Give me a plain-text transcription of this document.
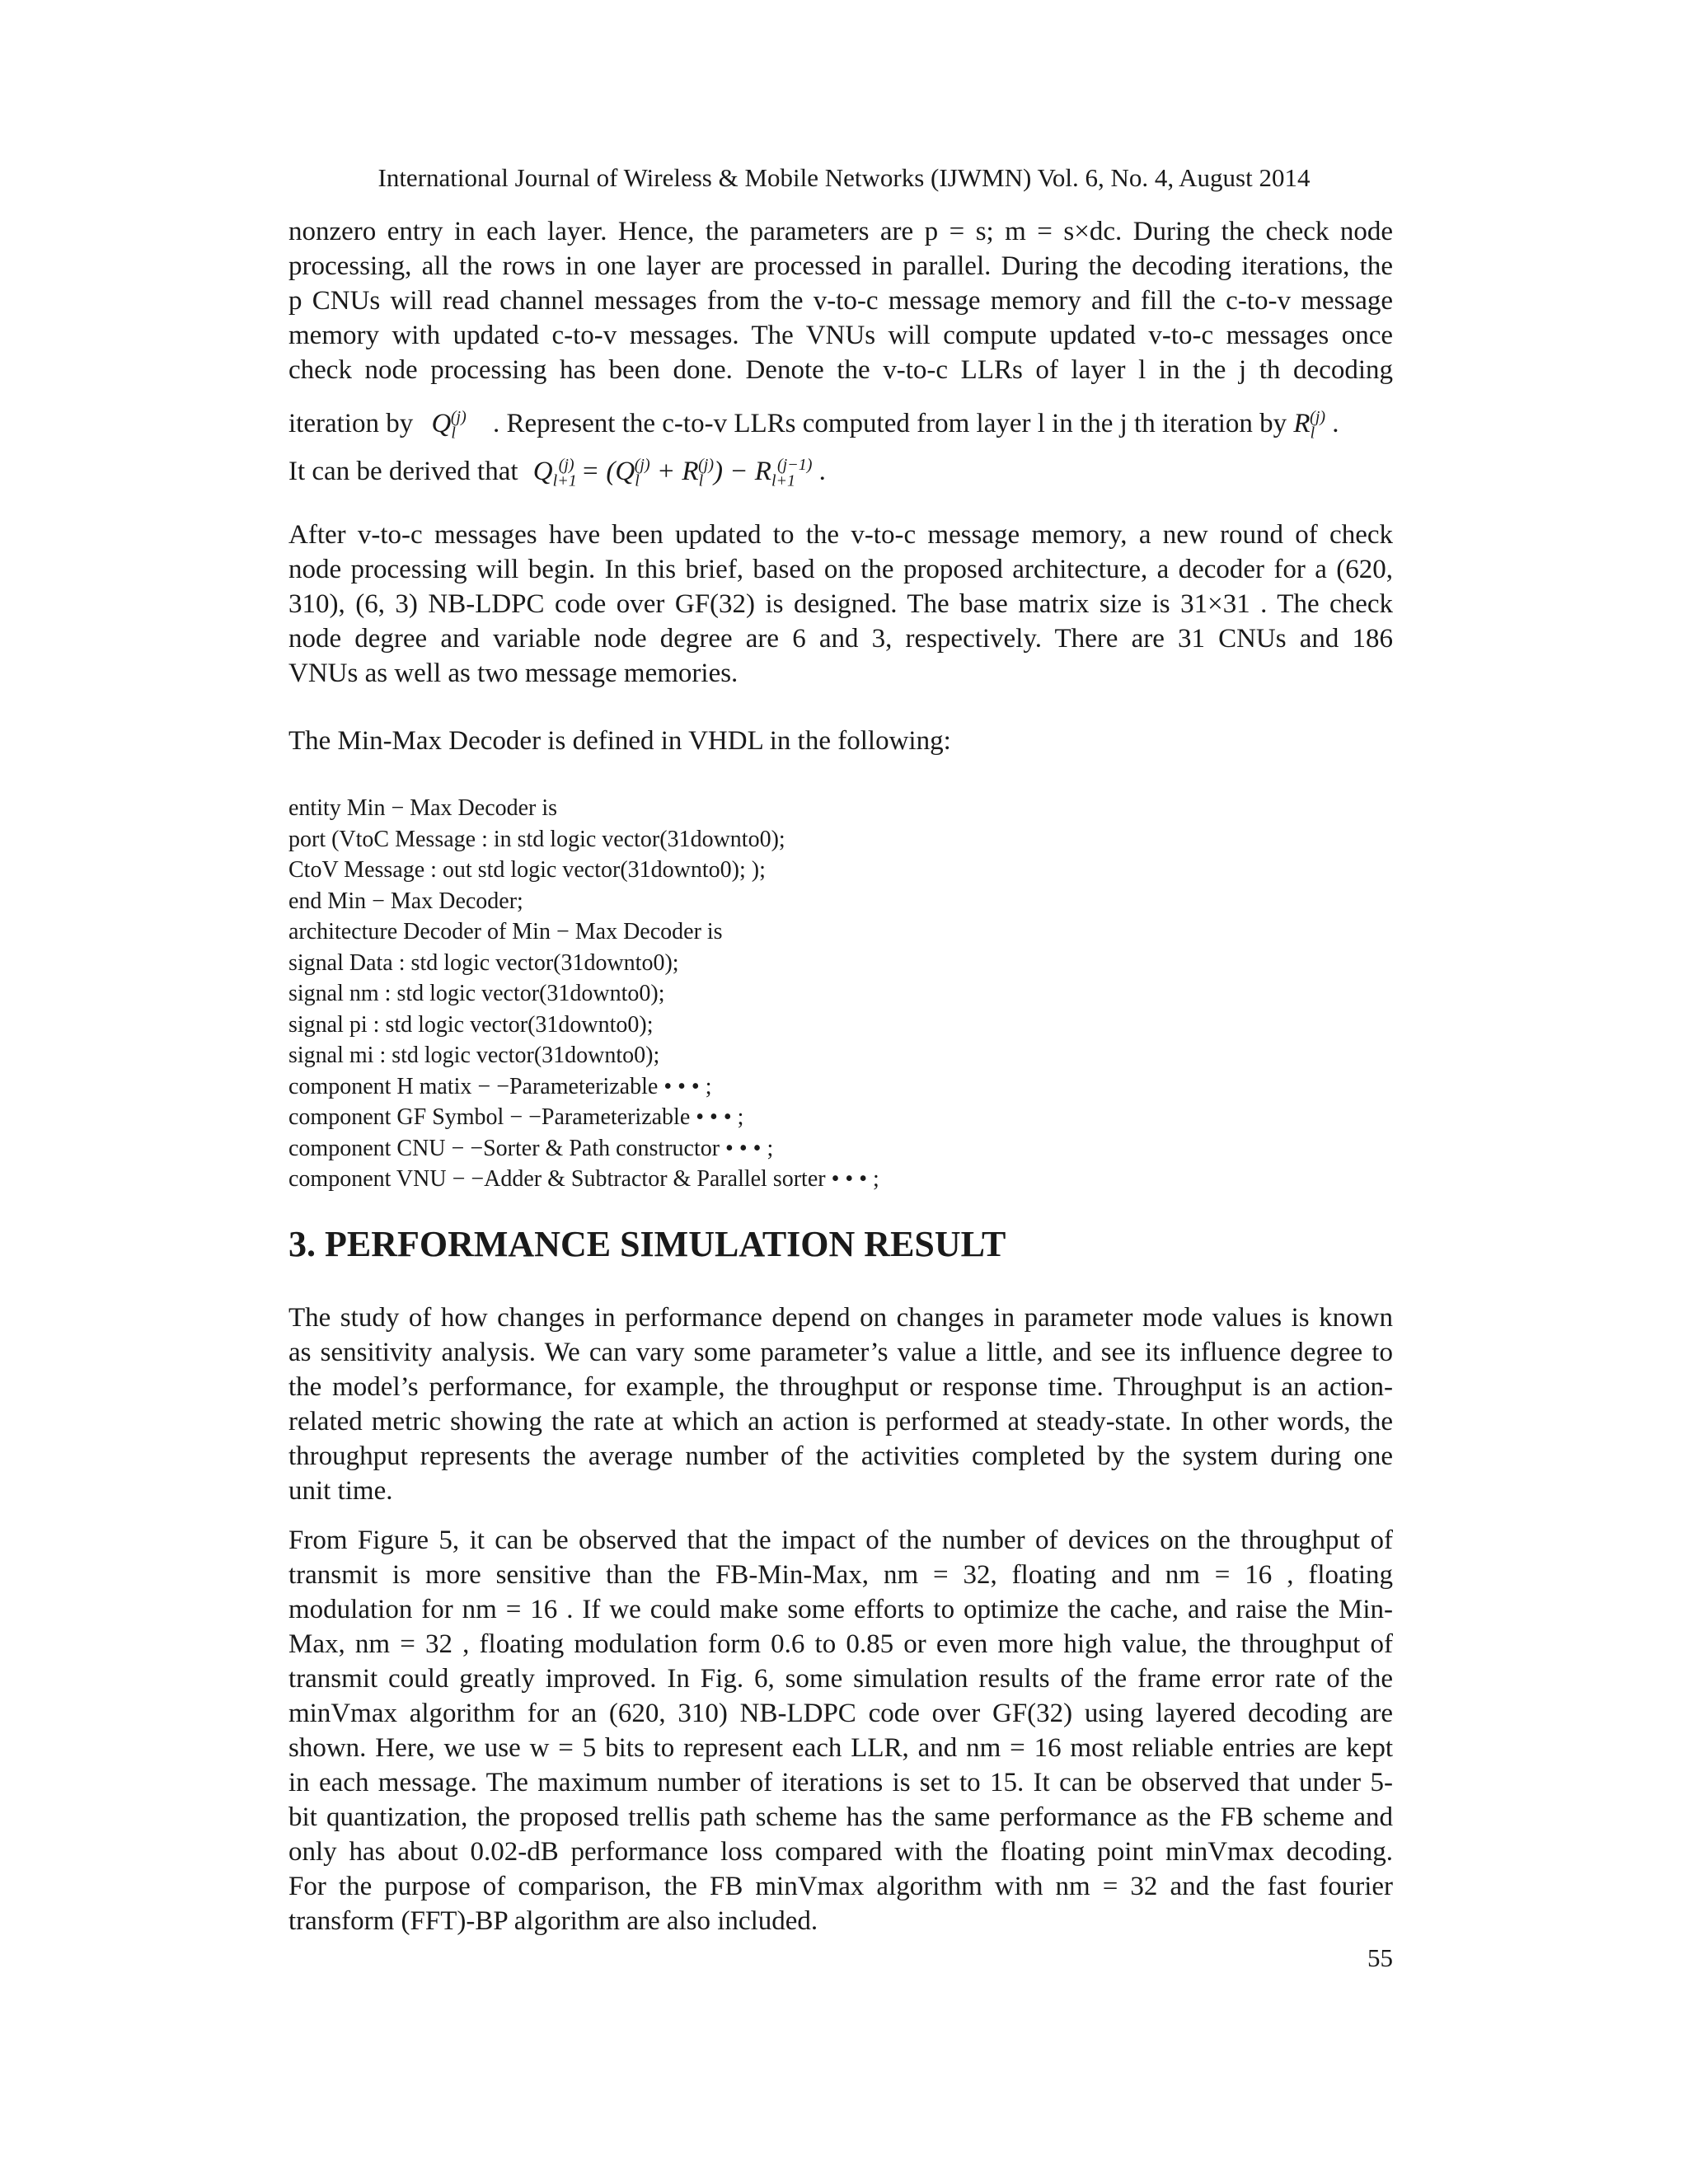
International Journal of Wireless & Mobile Networks (IJWMN) Vol. 6, No. 4, August 2014
nonzero entry in each layer. Hence, the parameters are p = s; m = s×dc. During the check node
processing, all the rows in one layer are processed in parallel. During the decoding iterations, the
p CNUs will read channel messages from the v-to-c message memory and fill the c-to-v message
memory with updated c-to-v messages. The VNUs will compute updated v-to-c messages once
check node processing has been done. Denote the v-to-c LLRs of layer l in the j th decoding
iteration by $Q_l^{(j)}$ . Represent the c-to-v LLRs computed from layer l in the j th iteration by $R_l^{(j)}$ .
It can be derived that $Q_{l+1}^{(j)} = (Q_l^{(j)} + R_l^{(j)}) - R_{l+1}^{(j-1)}$ .
After v-to-c messages have been updated to the v-to-c message memory, a new round of check
node processing will begin. In this brief, based on the proposed architecture, a decoder for a (620,
310), (6, 3) NB-LDPC code over GF(32) is designed. The base matrix size is 31×31 . The check
node degree and variable node degree are 6 and 3, respectively. There are 31 CNUs and 186
VNUs as well as two message memories.
The Min-Max Decoder is defined in VHDL in the following:
entity Min − Max Decoder is
port (VtoC Message : in std logic vector(31downto0);
CtoV Message : out std logic vector(31downto0); );
end Min − Max Decoder;
architecture Decoder of Min − Max Decoder is
signal Data : std logic vector(31downto0);
signal nm : std logic vector(31downto0);
signal pi : std logic vector(31downto0);
signal mi : std logic vector(31downto0);
component H matix − −Parameterizable • • • ;
component GF Symbol − −Parameterizable • • • ;
component CNU − −Sorter & Path constructor • • • ;
component VNU − −Adder & Subtractor & Parallel sorter • • • ;
3. PERFORMANCE SIMULATION RESULT
The study of how changes in performance depend on changes in parameter mode values is known
as sensitivity analysis. We can vary some parameter’s value a little, and see its influence degree to
the model’s performance, for example, the throughput or response time. Throughput is an action-
related metric showing the rate at which an action is performed at steady-state. In other words, the
throughput represents the average number of the activities completed by the system during one
unit time.
From Figure 5, it can be observed that the impact of the number of devices on the throughput of
transmit is more sensitive than the FB-Min-Max, nm = 32, floating and nm = 16 , floating
modulation for nm = 16 . If we could make some efforts to optimize the cache, and raise the Min-
Max, nm = 32 , floating modulation form 0.6 to 0.85 or even more high value, the throughput of
transmit could greatly improved. In Fig. 6, some simulation results of the frame error rate of the
minVmax algorithm for an (620, 310) NB-LDPC code over GF(32) using layered decoding are
shown. Here, we use w = 5 bits to represent each LLR, and nm = 16 most reliable entries are kept
in each message. The maximum number of iterations is set to 15. It can be observed that under 5-
bit quantization, the proposed trellis path scheme has the same performance as the FB scheme and
only has about 0.02-dB performance loss compared with the floating point minVmax decoding.
For the purpose of comparison, the FB minVmax algorithm with nm = 32 and the fast fourier
transform (FFT)-BP algorithm are also included.
55
